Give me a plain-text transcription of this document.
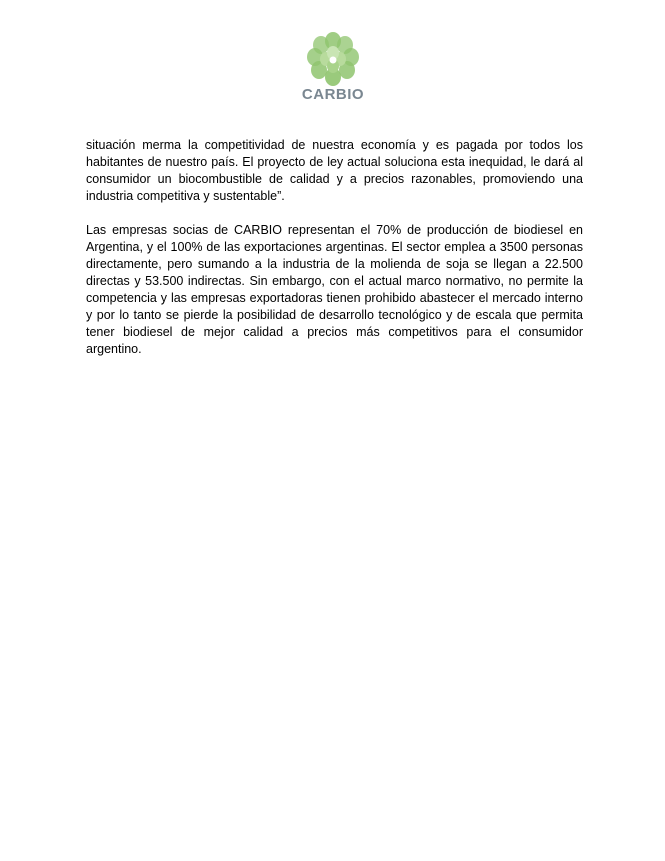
CARBIO

situación merma la competitividad de nuestra economía y es pagada por todos los habitantes de nuestro país. El proyecto de ley actual soluciona esta inequidad, le dará al consumidor un biocombustible de calidad y a precios razonables, promoviendo una industria competitiva y sustentable”.

Las empresas socias de CARBIO representan el 70% de producción de biodiesel en Argentina, y el 100% de las exportaciones argentinas. El sector emplea a 3500 personas directamente, pero sumando a la industria de la molienda de soja se llegan a 22.500 directas y 53.500 indirectas. Sin embargo, con el actual marco normativo, no permite la competencia y las empresas exportadoras tienen prohibido abastecer el mercado interno y por lo tanto se pierde la posibilidad de desarrollo tecnológico y de escala que permita tener biodiesel de mejor calidad a precios más competitivos para el consumidor argentino.
